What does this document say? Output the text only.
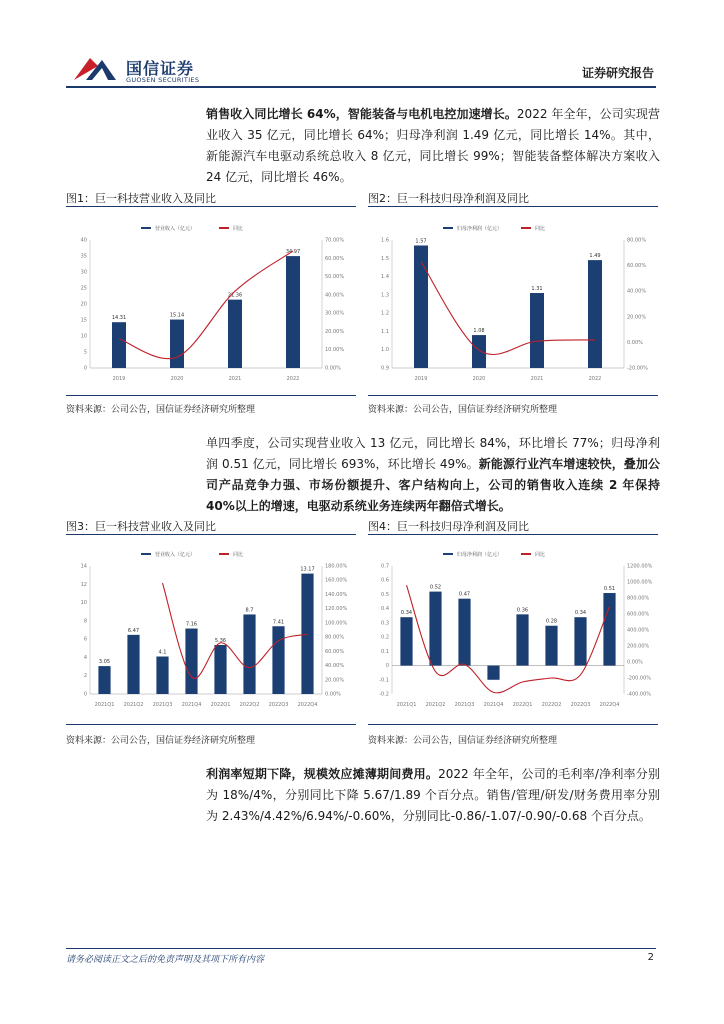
国信证券
GUOSEN SECURITIES	证券研究报告
销售收入同比增长 64%，智能装备与电机电控加速增长。2022 年全年，公司实现营业收入 35 亿元，同比增长 64%；归母净利润 1.49 亿元，同比增长 14%。其中，新能源汽车电驱动系统总收入 8 亿元，同比增长 99%；智能装备整体解决方案收入 24 亿元，同比增长 46%。
图1：巨一科技营业收入及同比
营业收入（亿元）	同比
0
5
10
15
20
25
30
35
40
0.00%
10.00%
20.00%
30.00%
40.00%
50.00%
60.00%
70.00%
14.31
2019
15.14
2020
21.36
2021
34.97
2022
资料来源：公司公告，国信证券经济研究所整理
图2：巨一科技归母净利润及同比
归母净利润（亿元）	同比
0.9
1.0
1.1
1.2
1.3
1.4
1.5
1.6
-20.00%
0.00%
20.00%
40.00%
60.00%
80.00%
1.57
2019
1.08
2020
1.31
2021
1.49
2022
资料来源：公司公告，国信证券经济研究所整理
单四季度，公司实现营业收入 13 亿元，同比增长 84%，环比增长 77%；归母净利润 0.51 亿元，同比增长 693%，环比增长 49%。新能源行业汽车增速较快，叠加公司产品竞争力强、市场份额提升、客户结构向上，公司的销售收入连续 2 年保持 40%以上的增速，电驱动系统业务连续两年翻倍式增长。
图3：巨一科技营业收入及同比
营业收入（亿元）	同比
0
2
4
6
8
10
12
14
0.00%
20.00%
40.00%
60.00%
80.00%
100.00%
120.00%
140.00%
160.00%
180.00%
3.05
2021Q1
6.47
2021Q2
4.1
2021Q3
7.16
2021Q4
5.36
2022Q1
8.7
2022Q2
7.41
2022Q3
13.17
2022Q4
资料来源：公司公告，国信证券经济研究所整理
图4：巨一科技归母净利润及同比
归母净利润（亿元）	同比
-0.2
-0.1
0
0.1
0.2
0.3
0.4
0.5
0.6
0.7
-400.00%
-200.00%
0.00%
200.00%
400.00%
600.00%
800.00%
1000.00%
1200.00%
0.34
2021Q1
0.52
2021Q2
0.47
2021Q3 2021Q4
0.36
2022Q1
0.28
2022Q2
0.34
2022Q3
0.51
2022Q4
资料来源：公司公告，国信证券经济研究所整理
利润率短期下降，规模效应摊薄期间费用。2022 年全年，公司的毛利率/净利率分别为 18%/4%，分别同比下降 5.67/1.89 个百分点。销售/管理/研发/财务费用率分别为 2.43%/4.42%/6.94%/-0.60%，分别同比-0.86/-1.07/-0.90/-0.68 个百分点。
请务必阅读正文之后的免责声明及其项下所有内容	2
